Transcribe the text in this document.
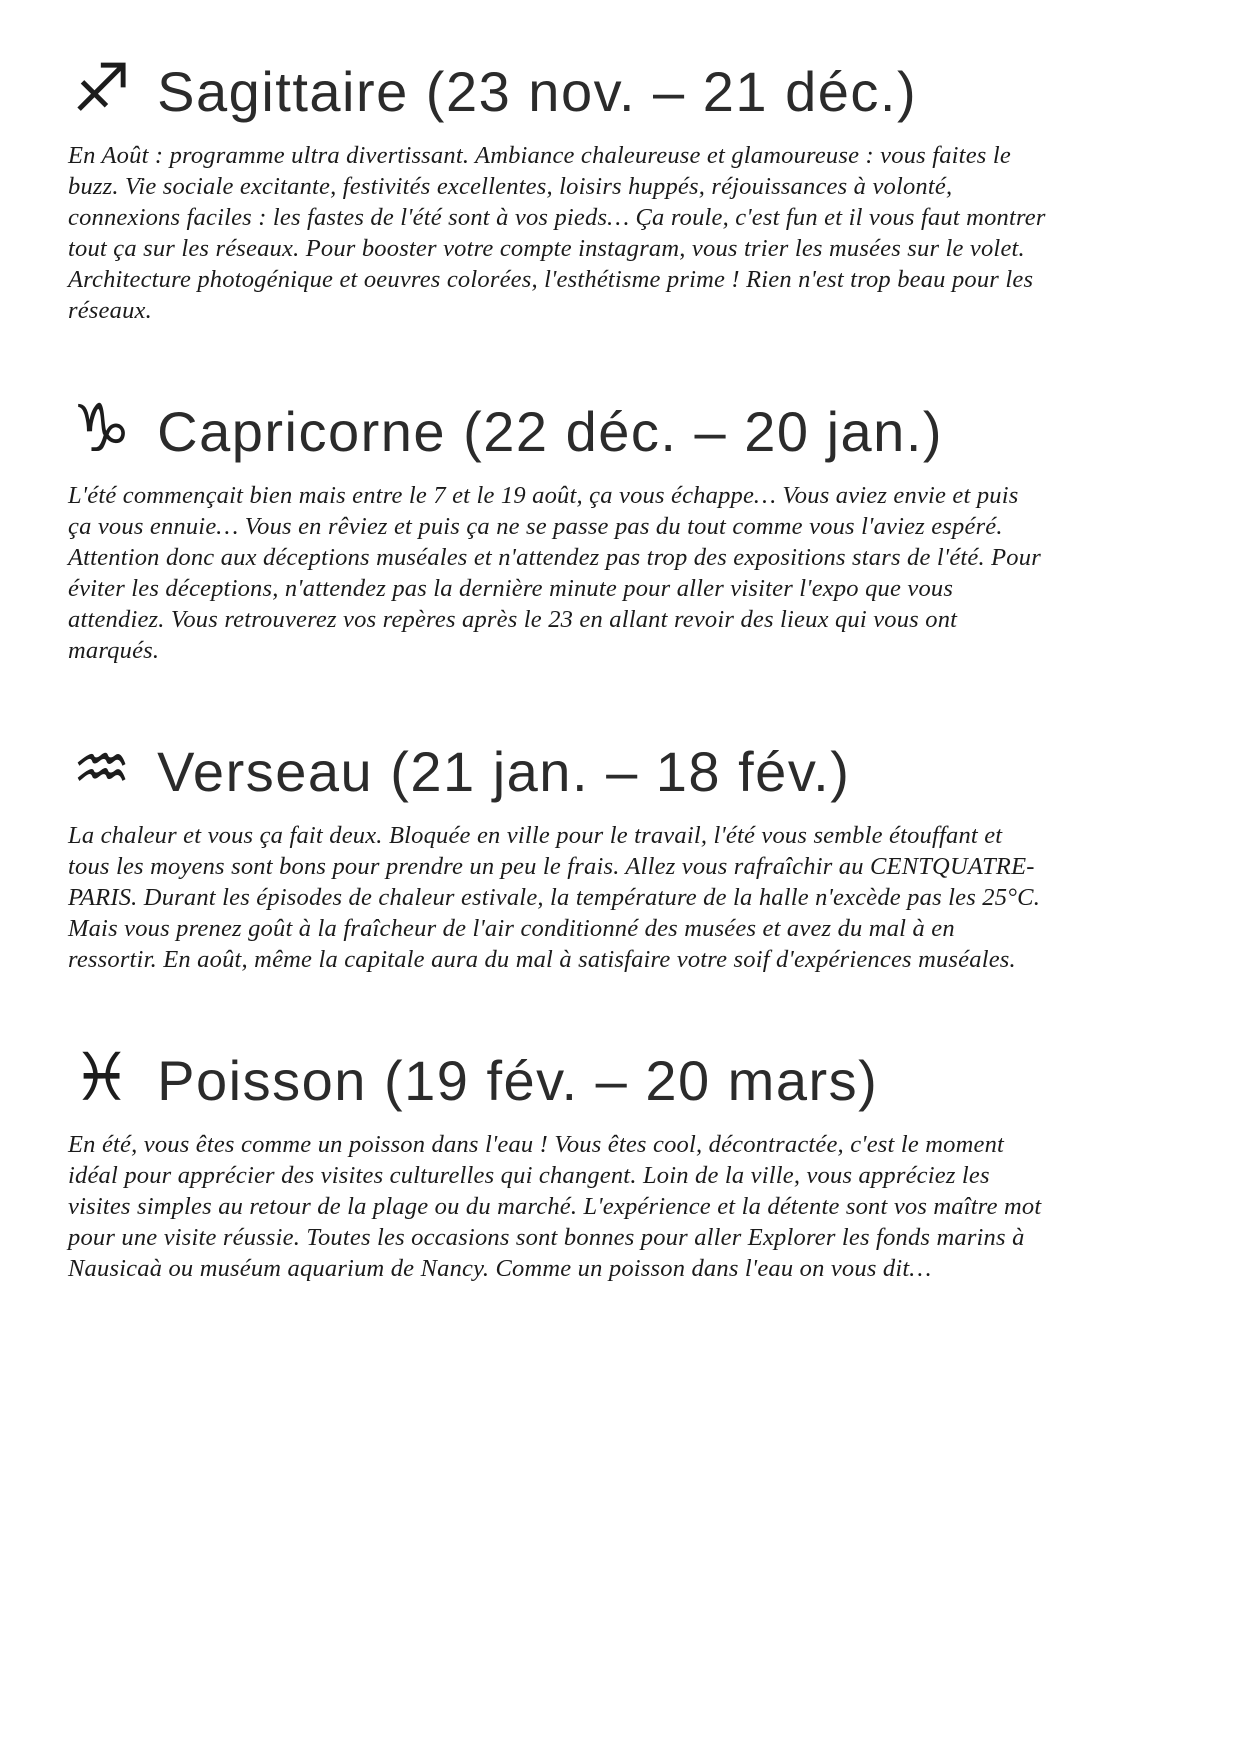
♐ Sagittaire (23 nov. – 21 déc.)

En Août : programme ultra divertissant. Ambiance chaleureuse et glamoureuse : vous faites le buzz. Vie sociale excitante, festivités excellentes, loisirs huppés, réjouissances à volonté, connexions faciles : les fastes de l'été sont à vos pieds… Ça roule, c'est fun et il vous faut montrer tout ça sur les réseaux. Pour booster votre compte instagram, vous trier les musées sur le volet. Architecture photogénique et oeuvres colorées, l'esthétisme prime ! Rien n'est trop beau pour les réseaux.

♑ Capricorne (22 déc. – 20 jan.)

L'été commençait bien mais entre le 7 et le 19 août, ça vous échappe… Vous aviez envie et puis ça vous ennuie… Vous en rêviez et puis ça ne se passe pas du tout comme vous l'aviez espéré. Attention donc aux déceptions muséales et n'attendez pas trop des expositions stars de l'été. Pour éviter les déceptions, n'attendez pas la dernière minute pour aller visiter l'expo que vous attendiez. Vous retrouverez vos repères après le 23 en allant revoir des lieux qui vous ont marqués.

♒ Verseau (21 jan. – 18 fév.)

La chaleur et vous ça fait deux. Bloquée en ville pour le travail, l'été vous semble étouffant et tous les moyens sont bons pour prendre un peu le frais. Allez vous rafraîchir au CENTQUATRE-PARIS. Durant les épisodes de chaleur estivale, la température de la halle n'excède pas les 25°C. Mais vous prenez goût à la fraîcheur de l'air conditionné des musées et avez du mal à en ressortir. En août, même la capitale aura du mal à satisfaire votre soif d'expériences muséales.

♓ Poisson (19 fév. – 20 mars)

En été, vous êtes comme un poisson dans l'eau ! Vous êtes cool, décontractée, c'est le moment idéal pour apprécier des visites culturelles qui changent. Loin de la ville, vous appréciez les visites simples au retour de la plage ou du marché. L'expérience et la détente sont vos maître mot pour une visite réussie. Toutes les occasions sont bonnes pour aller Explorer les fonds marins à Nausicaà ou muséum aquarium de Nancy. Comme un poisson dans l'eau on vous dit…
